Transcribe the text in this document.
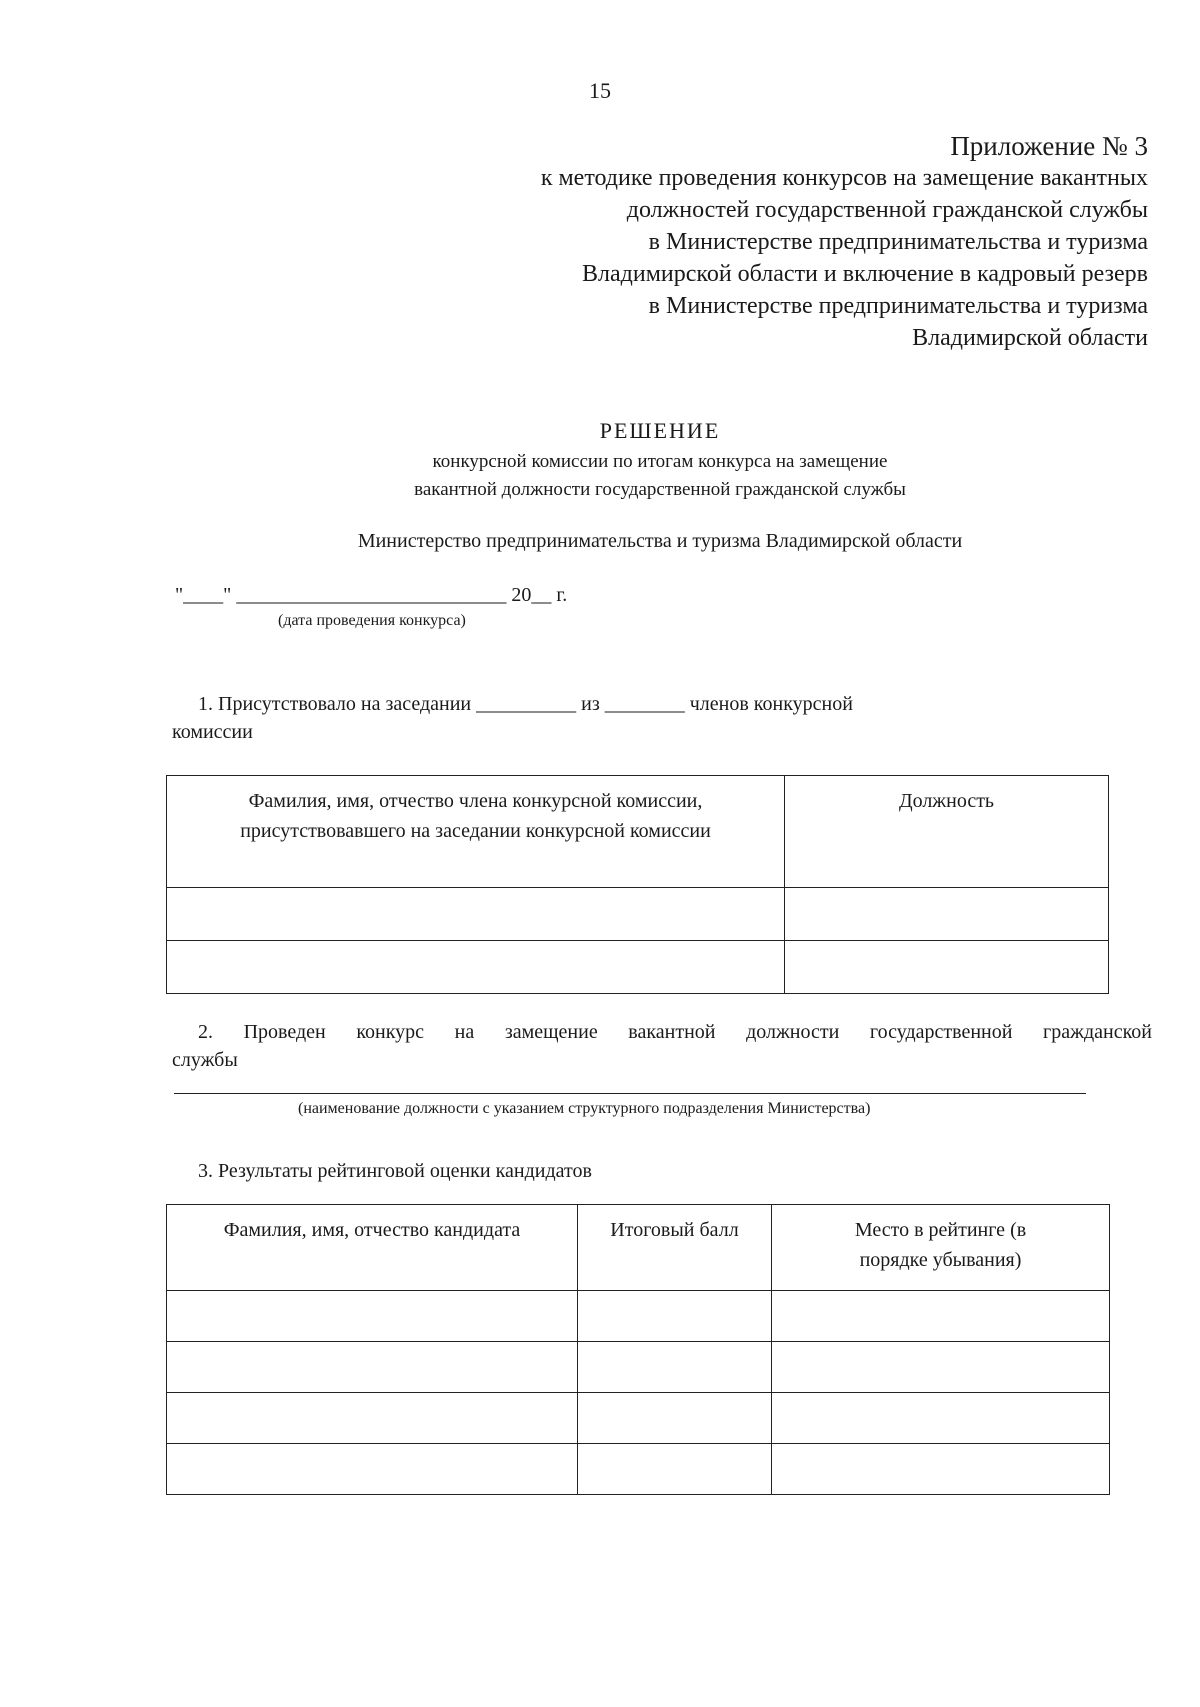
15
Приложение № 3
к методике проведения конкурсов на замещение вакантных
должностей государственной гражданской службы
в Министерстве предпринимательства и туризма
Владимирской области и включение в кадровый резерв
в Министерстве предпринимательства и туризма
Владимирской области
РЕШЕНИЕ
конкурсной комиссии по итогам конкурса на замещение
вакантной должности государственной гражданской службы
Министерство предпринимательства и туризма Владимирской области
"____" ___________________________ 20__ г.
(дата проведения конкурса)
1. Присутствовало на заседании __________ из ________ членов конкурсной
комиссии
Фамилия, имя, отчество члена конкурсной комиссии, присутствовавшего на заседании конкурсной комиссии	Должность

2. Проведен конкурс на замещение вакантной должности государственной гражданской
службы
(наименование должности с указанием структурного подразделения Министерства)
3. Результаты рейтинговой оценки кандидатов
Фамилия, имя, отчество кандидата	Итоговый балл	Место в рейтинге (в порядке убывания)
